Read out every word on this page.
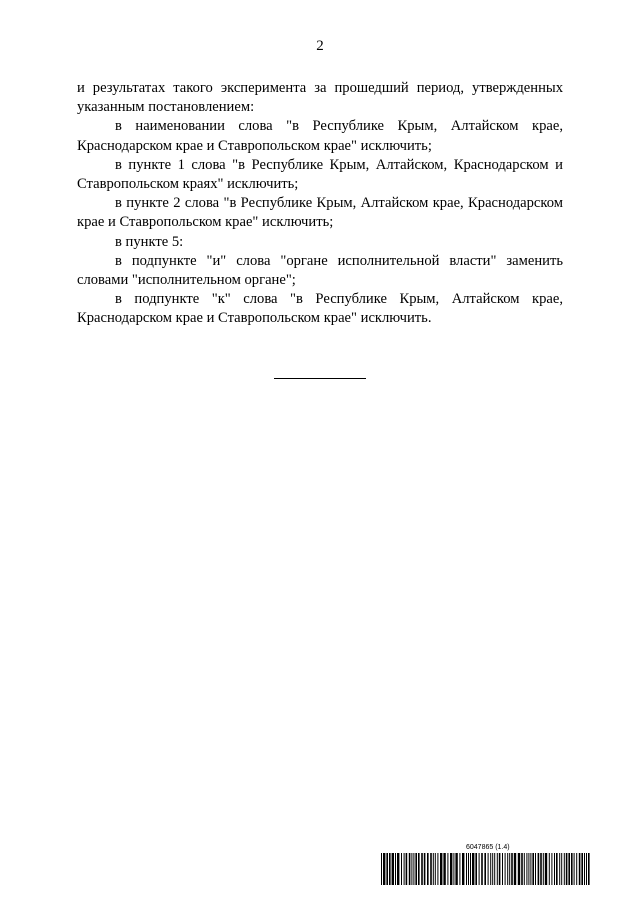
2

и результатах такого эксперимента за прошедший период, утвержденных указанным постановлением:

в наименовании слова "в Республике Крым, Алтайском крае, Краснодарском крае и Ставропольском крае" исключить;

в пункте 1 слова "в Республике Крым, Алтайском, Краснодарском и Ставропольском краях" исключить;

в пункте 2 слова "в Республике Крым, Алтайском крае, Краснодарском крае и Ставропольском крае" исключить;

в пункте 5:

в подпункте "и" слова "органе исполнительной власти" заменить словами "исполнительном органе";

в подпункте "к" слова "в Республике Крым, Алтайском крае, Краснодарском крае и Ставропольском крае" исключить.

6047865 (1.4)
